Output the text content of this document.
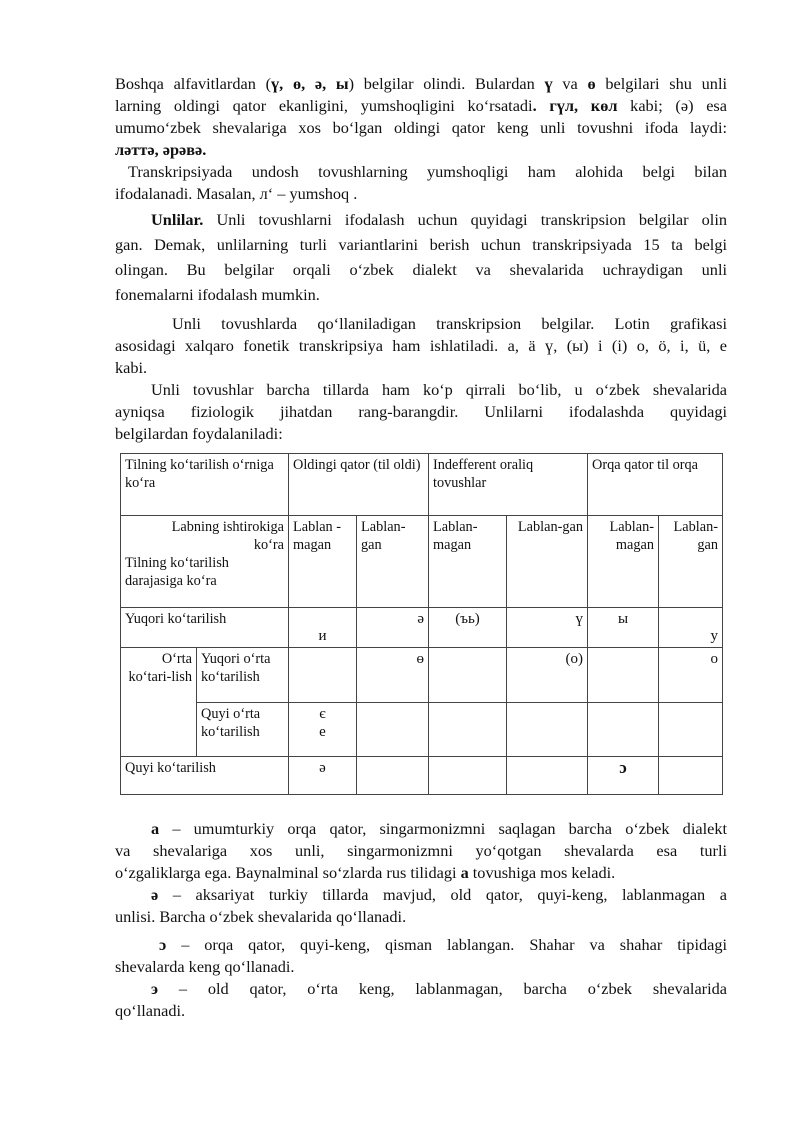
Boshqa alfavitlardan (ү, ө, ә, ы) belgilar olindi. Bulardan ү va ө belgilari shu unli

larning oldingi qator ekanligini, yumshoqligini ko‘rsatadi. гүл, көл kabi; (ә) esa

umumo‘zbek shevalariga xos bo‘lgan oldingi qator keng unli tovushni ifoda laydi:

ләттә, әрәвә.

Transkripsiyada undosh tovushlarning yumshoqligi ham alohida belgi bilan

ifodalanadi. Masalan, л‘ – yumshoq .

Unlilar. Unli tovushlarni ifodalash uchun quyidagi transkripsion belgilar olin

gan. Demak, unlilarning turli variantlarini berish uchun transkripsiyada 15 ta belgi

olingan. Bu belgilar orqali o‘zbek dialekt va shevalarida uchraydigan unli

fonemalarni ifodalash mumkin.

Unli tovushlarda qo‘llaniladigan transkripsion belgilar. Lotin grafikasi

asosidagi xalqaro fonetik transkripsiya ham ishlatiladi. a, ä ү, (ы) i (i) o, ö, i, ü, e

kabi.

Unli tovushlar barcha tillarda ham ko‘p qirrali bo‘lib, u o‘zbek shevalarida

ayniqsa fiziologik jihatdan rang-barangdir. Unlilarni ifodalashda quyidagi

belgilardan foydalaniladi:

Tilning ko‘tarilish o‘rniga ko‘ra		Oldingi qator (til oldi)		Indefferent oraliq tovushlar		Orqa qator til orqa	

Labning ishtirokiga
ko‘ra
Tilning ko‘tarilish darajasiga ko‘ra		Lablan -magan	Lablan-gan	Lablan-magan	Lablan-gan	Lablan-magan	Lablan-gan
Yuqori ko‘tarilish		и	ә	(ъь)	ү	ы	у
O‘rta ko‘tari-lish	Yuqori o‘rta ko‘tarilish		ө		(о)		о
	Quyi o‘rta ko‘tarilish	є
е					

Quyi ko‘tarilish		ә				ɔ	

a – umumturkiy orqa qator, singarmonizmni saqlagan barcha o‘zbek dialekt

va shevalariga xos unli, singarmonizmni yo‘qotgan shevalarda esa turli

o‘zgaliklarga ega. Baynalminal so‘zlarda rus tilidagi a tovushiga mos keladi.

ə – aksariyat turkiy tillarda mavjud, old qator, quyi-keng, lablanmagan a

unlisi. Barcha o‘zbek shevalarida qo‘llanadi.

ɔ – orqa qator, quyi-keng, qisman lablangan. Shahar va shahar tipidagi

shevalarda keng qo‘llanadi.

э – old qator, o‘rta keng, lablanmagan, barcha o‘zbek shevalarida

qo‘llanadi.
